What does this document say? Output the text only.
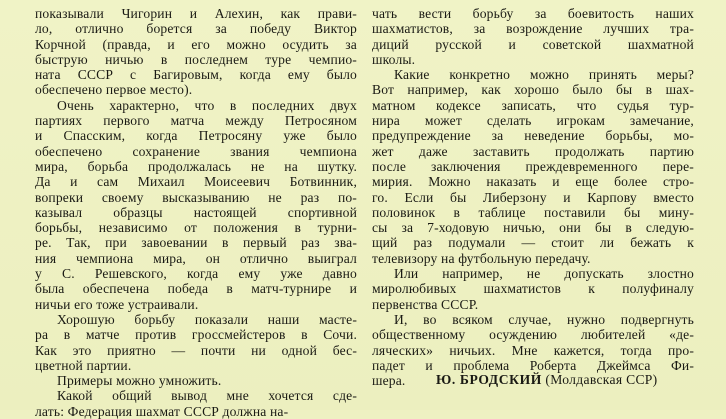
показывали Чигорин и Алехин, как прави-
ло, отлично борется за победу Виктор
Корчной (правда, и его можно осудить за
быструю ничью в последнем туре чемпио-
ната СССР с Багировым, когда ему было
обеспечено первое место).
Очень характерно, что в последних двух
партиях первого матча между Петросяном
и Спасским, когда Петросяну уже было
обеспечено сохранение звания чемпиона
мира, борьба продолжалась не на шутку.
Да и сам Михаил Моисеевич Ботвинник,
вопреки своему высказыванию не раз по-
казывал образцы настоящей спортивной
борьбы, независимо от положения в турни-
ре. Так, при завоевании в первый раз зва-
ния чемпиона мира, он отлично выиграл
у С. Решевского, когда ему уже давно
была обеспечена победа в матч-турнире и
ничьи его тоже устраивали.
Хорошую борьбу показали наши масте-
ра в матче против гроссмейстеров в Сочи.
Как это приятно — почти ни одной бес-
цветной партии.
Примеры можно умножить.
Какой общий вывод мне хочется сде-
лать: Федерация шахмат СССР должна на-
чать вести борьбу за боевитость наших
шахматистов, за возрождение лучших тра-
диций русской и советской шахматной
школы.
Какие конкретно можно принять меры?
Вот например, как хорошо было бы в шах-
матном кодексе записать, что судья тур-
нира может сделать игрокам замечание,
предупреждение за неведение борьбы, мо-
жет даже заставить продолжать партию
после заключения преждевременного пере-
мирия. Можно наказать и еще более стро-
го. Если бы Либерзону и Карпову вместо
половинок в таблице поставили бы мину-
сы за 7-ходовую ничью, они бы в следую-
щий раз подумали — стоит ли бежать к
телевизору на футбольную передачу.
Или например, не допускать злостно
миролюбивых шахматистов к полуфиналу
первенства СССР.
И, во всяком случае, нужно подвергнуть
общественному осуждению любителей «де-
ляческих» ничьих. Мне кажется, тогда про-
падет и проблема Роберта Джеймса Фи-
шера.	Ю. БРОДСКИЙ (Молдавская ССР)
